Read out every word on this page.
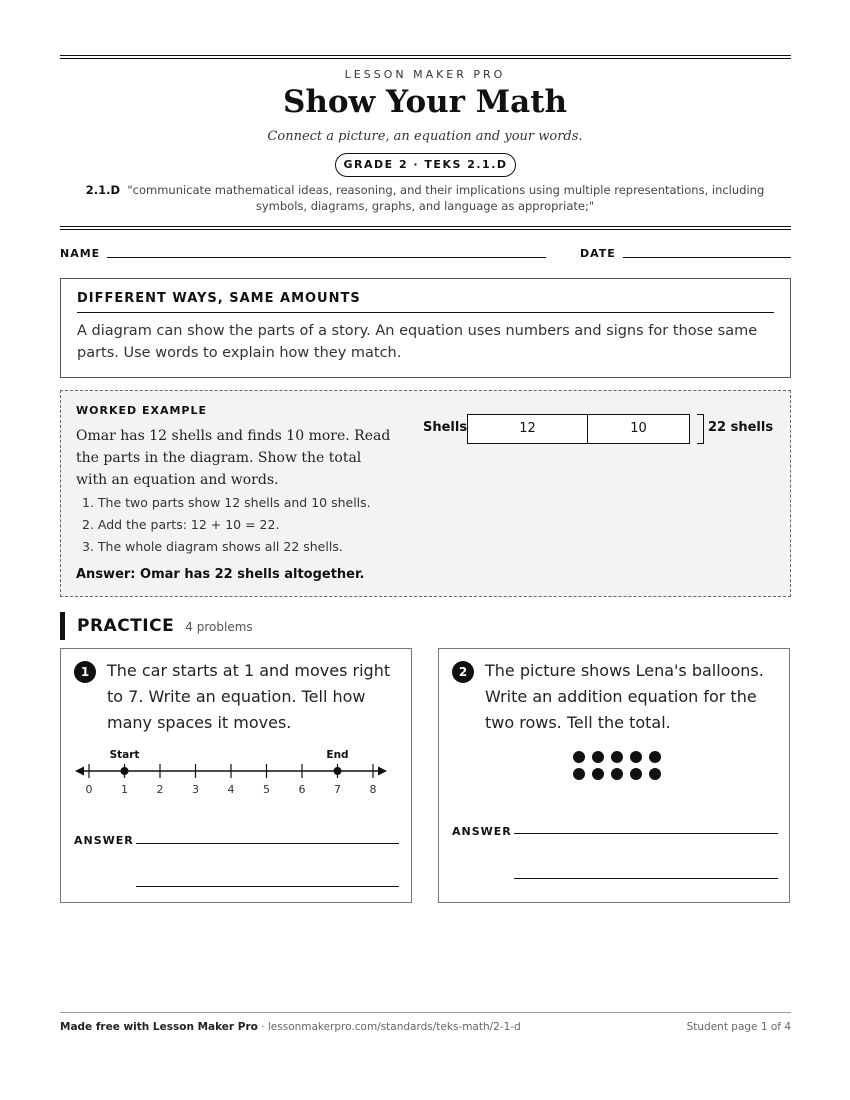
LESSON MAKER PRO
Show Your Math
Connect a picture, an equation and your words.
GRADE 2 · TEKS 2.1.D
2.1.D "communicate mathematical ideas, reasoning, and their implications using multiple representations, including symbols, diagrams, graphs, and language as appropriate;"
NAME	DATE
DIFFERENT WAYS, SAME AMOUNTS
A diagram can show the parts of a story. An equation uses numbers and signs for those same parts. Use words to explain how they match.
WORKED EXAMPLE
Omar has 12 shells and finds 10 more. Read the parts in the diagram. Show the total with an equation and words.
1. The two parts show 12 shells and 10 shells.
2. Add the parts: 12 + 10 = 22.
3. The whole diagram shows all 22 shells.
Answer: Omar has 22 shells altogether.
Shells	12	10	22 shells
PRACTICE 4 problems
1	The car starts at 1 and moves right to 7. Write an equation. Tell how many spaces it moves.
0	1	2	3	4	5	6	7	8
Start	End
ANSWER
2	The picture shows Lena's balloons. Write an addition equation for the two rows. Tell the total.
ANSWER
Made free with Lesson Maker Pro · lessonmakerpro.com/standards/teks-math/2-1-d	Student page 1 of 4
